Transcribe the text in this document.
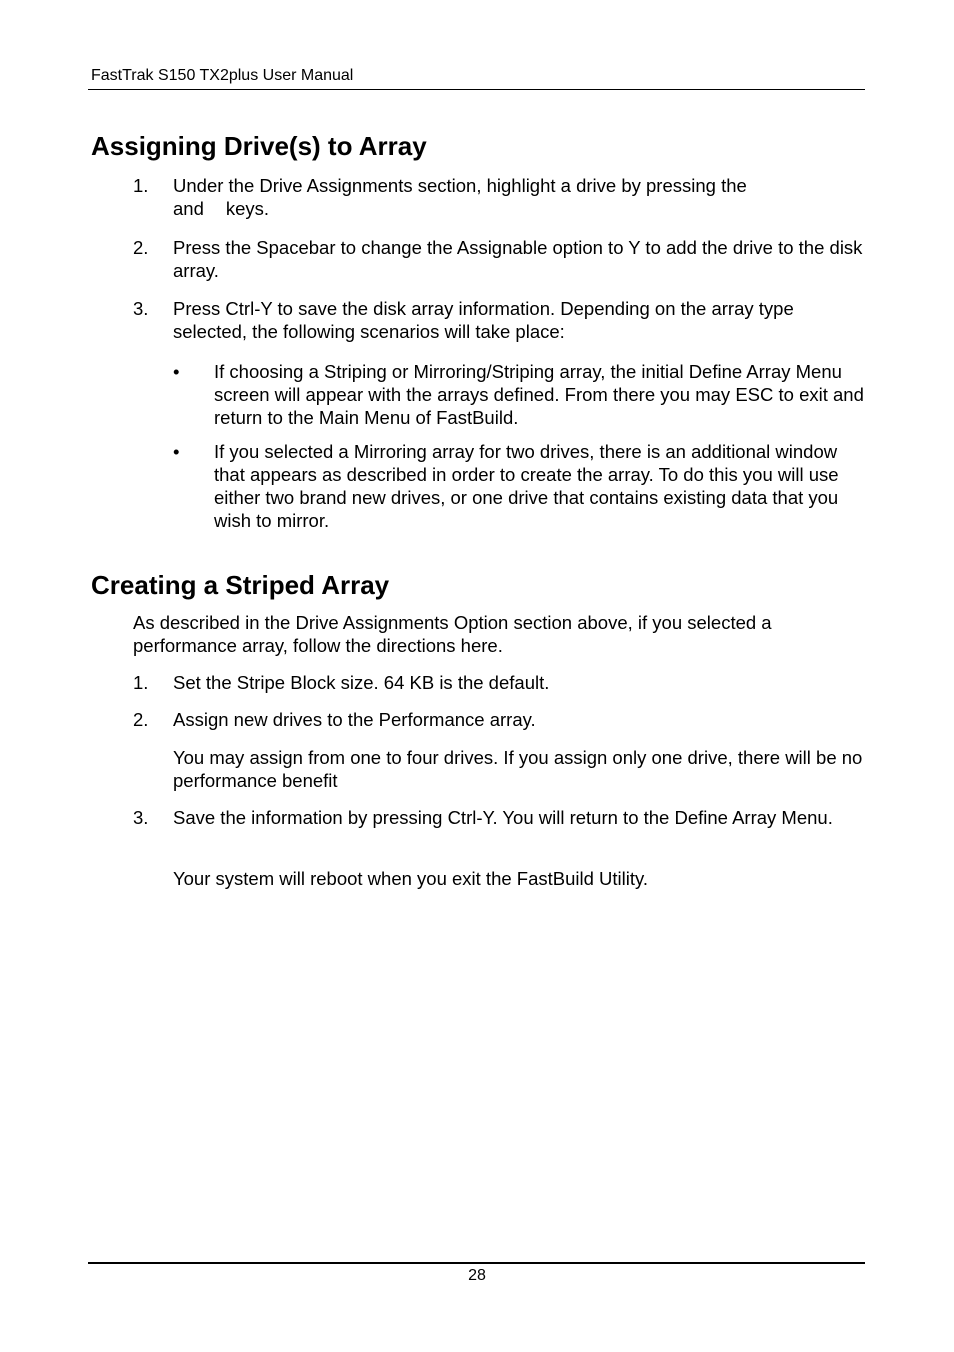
FastTrak S150 TX2plus User Manual
Assigning Drive(s) to Array
1.	Under the Drive Assignments section, highlight a drive by pressing the
and keys.
2.	Press the Spacebar to change the Assignable option to Y to add the drive to the disk array.
3.	Press Ctrl-Y to save the disk array information. Depending on the array type selected, the following scenarios will take place:
• If choosing a Striping or Mirroring/Striping array, the initial Define Array Menu screen will appear with the arrays defined. From there you may ESC to exit and return to the Main Menu of FastBuild.
• If you selected a Mirroring array for two drives, there is an additional window that appears as described in order to create the array. To do this you will use either two brand new drives, or one drive that contains existing data that you wish to mirror.
Creating a Striped Array
As described in the Drive Assignments Option section above, if you selected a performance array, follow the directions here.
1.	Set the Stripe Block size. 64 KB is the default.
2.	Assign new drives to the Performance array.
You may assign from one to four drives. If you assign only one drive, there will be no performance benefit
3.	Save the information by pressing Ctrl-Y. You will return to the Define Array Menu.
Your system will reboot when you exit the FastBuild Utility.
28
